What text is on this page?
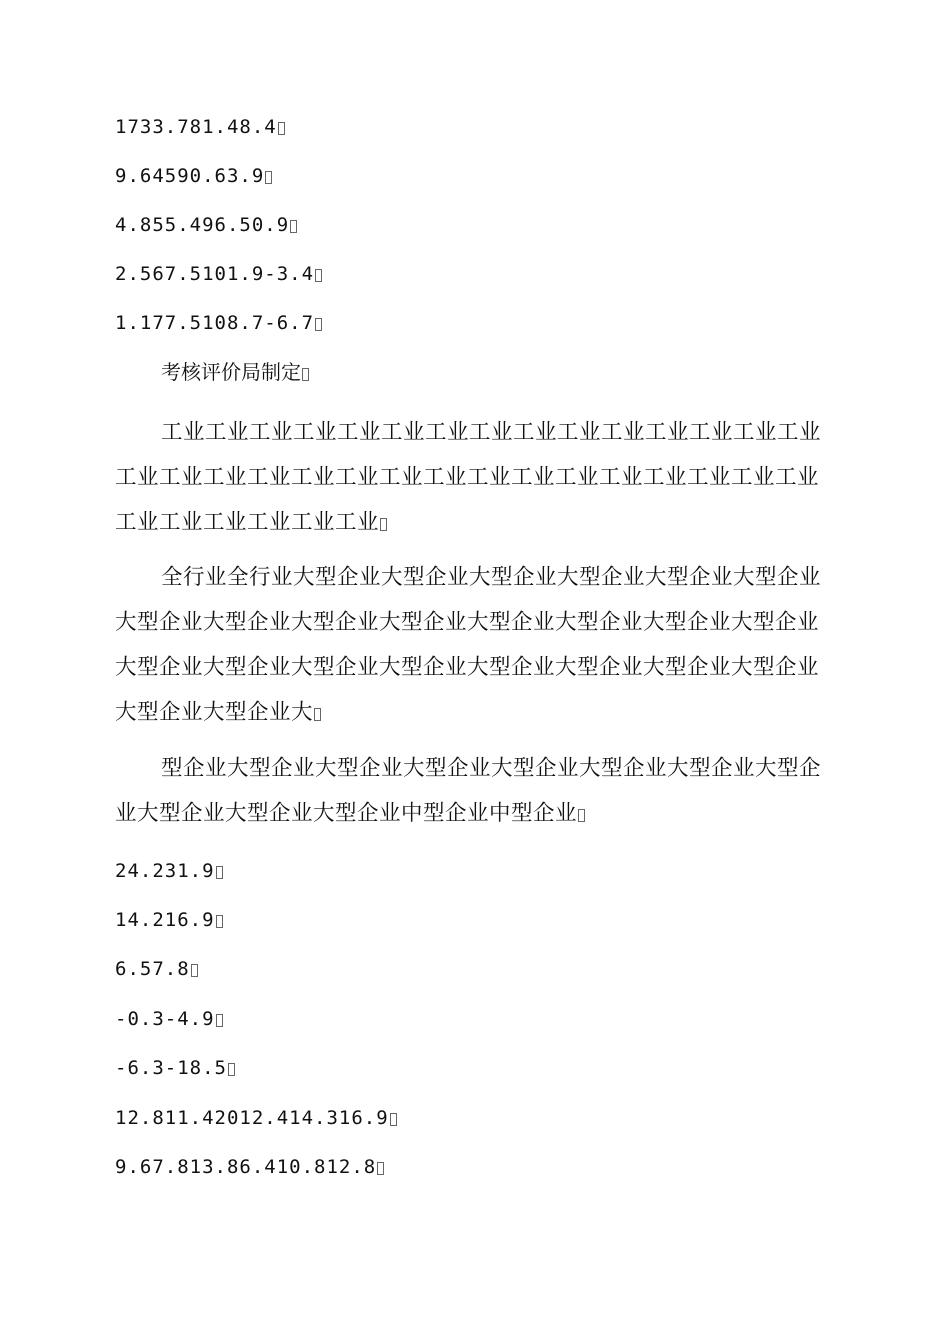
1733.781.48.4
9.64590.63.9
4.855.496.50.9
2.567.5101.9-3.4
1.177.5108.7-6.7
考核评价局制定
工业工业工业工业工业工业工业工业工业工业工业工业工业工业工业工业工业工业工业工业工业工业工业工业工业工业工业工业工业工业工业工业工业工业工业工业工业
全行业全行业大型企业大型企业大型企业大型企业大型企业大型企业大型企业大型企业大型企业大型企业大型企业大型企业大型企业大型企业大型企业大型企业大型企业大型企业大型企业大型企业大型企业大型企业大型企业大型企业大
型企业大型企业大型企业大型企业大型企业大型企业大型企业大型企业大型企业大型企业大型企业中型企业中型企业
24.231.9
14.216.9
6.57.8
-0.3-4.9
-6.3-18.5
12.811.42012.414.316.9
9.67.813.86.410.812.8
